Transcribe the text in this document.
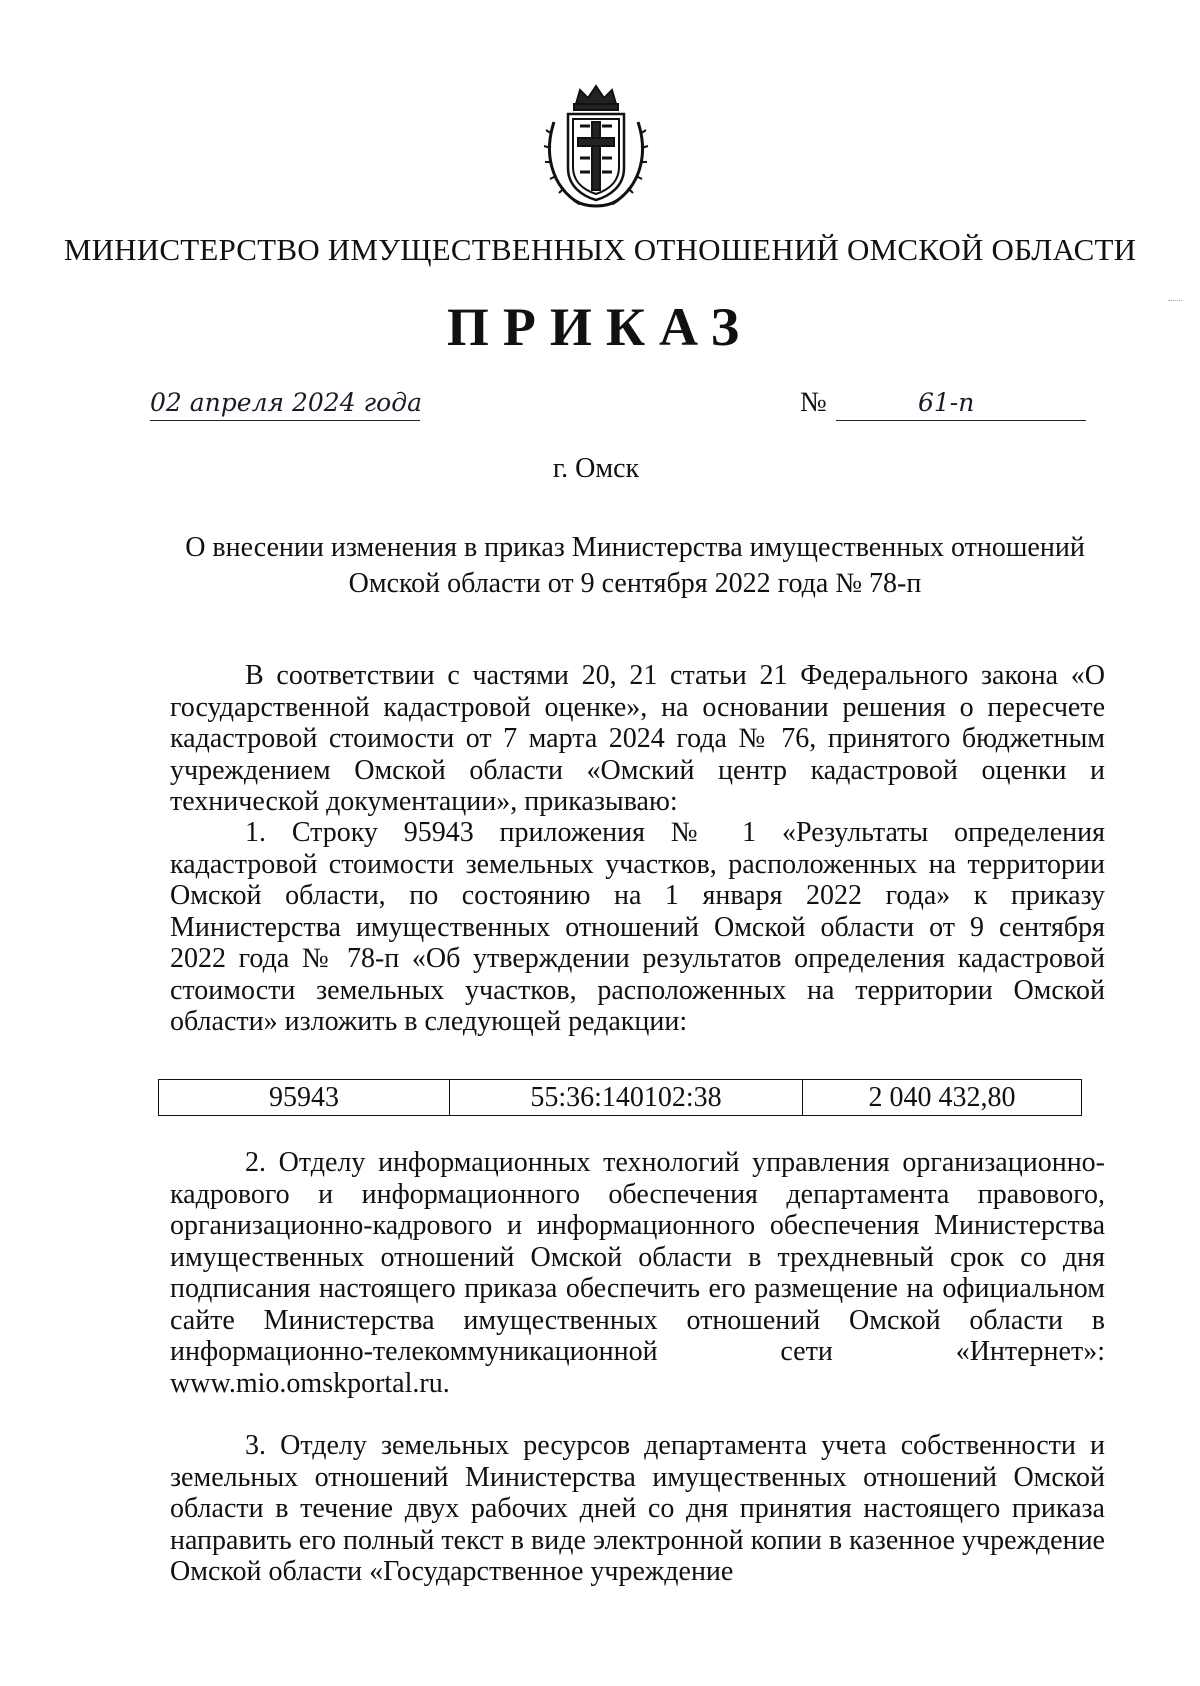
МИНИСТЕРСТВО ИМУЩЕСТВЕННЫХ ОТНОШЕНИЙ ОМСКОЙ ОБЛАСТИ
ПРИКАЗ
02 апреля 2024 года	№	61-п
г. Омск
О внесении изменения в приказ Министерства имущественных отношений
Омской области от 9 сентября 2022 года № 78-п
В соответствии с частями 20, 21 статьи 21 Федерального закона «О государственной кадастровой оценке», на основании решения о пересчете кадастровой стоимости от 7 марта 2024 года № 76, принятого бюджетным учреждением Омской области «Омский центр кадастровой оценки и технической документации», приказываю:
1. Строку 95943 приложения № 1 «Результаты определения кадастровой стоимости земельных участков, расположенных на территории Омской области, по состоянию на 1 января 2022 года» к приказу Министерства имущественных отношений Омской области от 9 сентября 2022 года № 78-п «Об утверждении результатов определения кадастровой стоимости земельных участков, расположенных на территории Омской области» изложить в следующей редакции:
95943	55:36:140102:38	2 040 432,80
2. Отделу информационных технологий управления организационно-кадрового и информационного обеспечения департамента правового, организационно-кадрового и информационного обеспечения Министерства имущественных отношений Омской области в трехдневный срок со дня подписания настоящего приказа обеспечить его размещение на официальном сайте Министерства имущественных отношений Омской области в информационно-телекоммуникационной сети «Интернет»: www.mio.omskportal.ru.
3. Отделу земельных ресурсов департамента учета собственности и земельных отношений Министерства имущественных отношений Омской области в течение двух рабочих дней со дня принятия настоящего приказа направить его полный текст в виде электронной копии в казенное учреждение Омской области «Государственное учреждение
